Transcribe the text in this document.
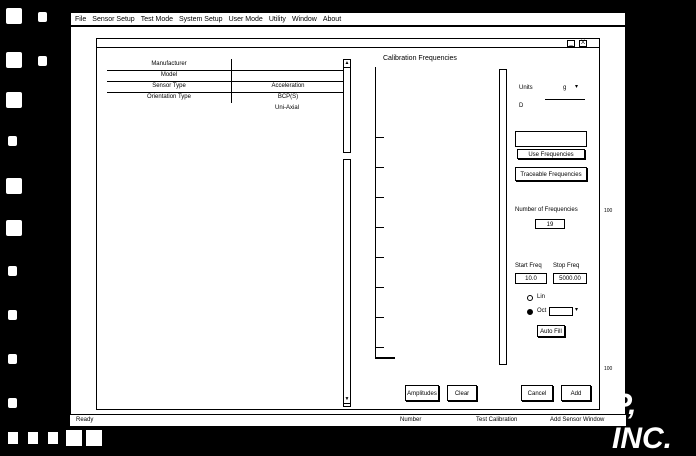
File Sensor Setup Test Mode System Setup User Mode Utility Window About
_	X
Manufacturer
Model
Sensor Type	Acceleration
Orientation Type	BCP(S)
Uni-Axial
▲
▼
Calibration Frequencies
Units	g ▾
D
Use Frequencies
Traceable Frequencies
Number of Frequencies
19
Start Freq Stop Freq
10.0	5000.00
Lin
Oct	▾
Auto Fill
Amplitudes	Clear	Cancel	Add
100
100
Ready	Number	Test Calibration	Add Sensor Window P, INC.
